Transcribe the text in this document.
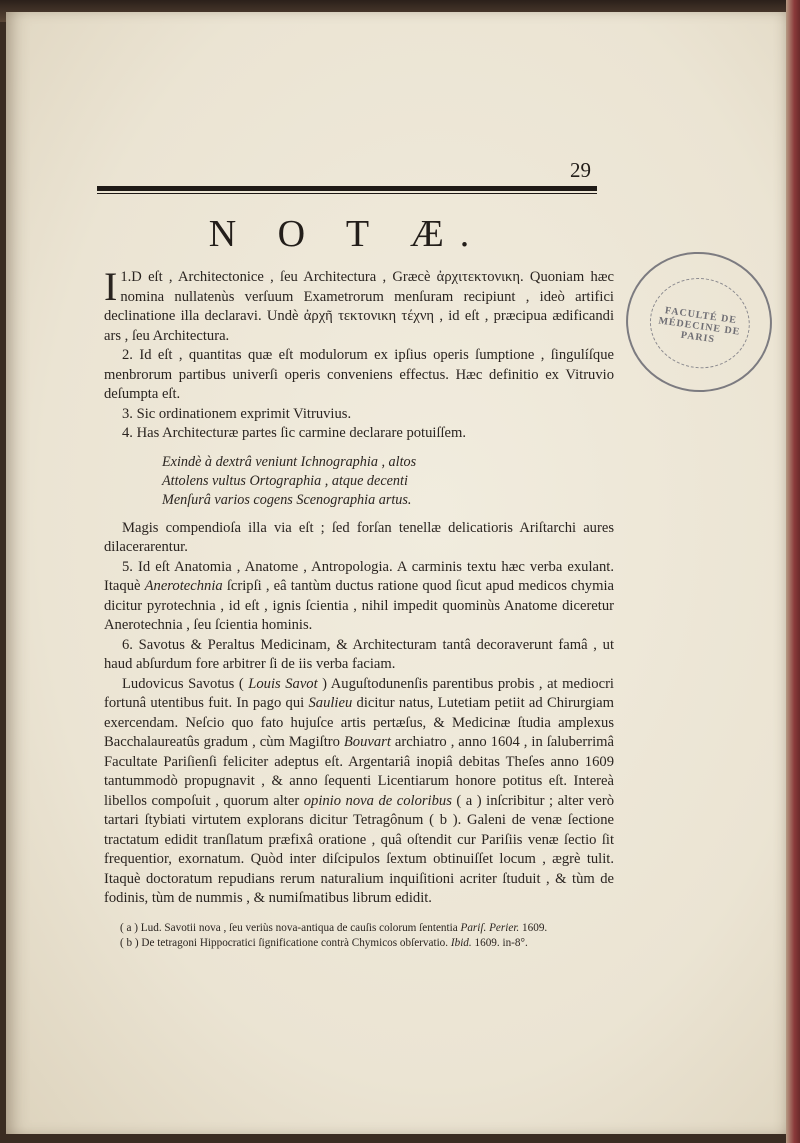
29
N O T Æ.
FACULTÉ DE MÉDECINE DE PARIS

1.
I D eſt , Architectonice , ſeu Architectura , Græcè ἀρχιτεκτονικη. Quoniam hæc nomina nullatenùs verſuum Exametrorum menſuram recipiunt , ideò artifici declinatione illa declaravi. Undè ἀρχῆ τεκτονικη τέχνη , id eſt , præcipua ædificandi ars , ſeu Architectura.

2. Id eſt , quantitas quæ eſt modulorum ex ipſius operis ſumptione , ſingulíſque menbrorum partibus univerſi operis conveniens effectus. Hæc definitio ex Vitruvio deſumpta eſt.

3. Sic ordinationem exprimit Vitruvius.

4. Has Architecturæ partes ſic carmine declarare potuiſſem.

Exindè à dextrâ veniunt Ichnographia , altos
Attolens vultus Ortographia , atque decenti
Menſurâ varios cogens Scenographia artus.

Magis compendioſa illa via eſt ; ſed forſan tenellæ delicatioris Ariſtarchi aures dilacerarentur.

5. Id eſt Anatomia , Anatome , Antropologia. A carminis textu hæc verba exulant. Itaquè Anerotechnia ſcripſi , eâ tantùm ductus ratione quod ſicut apud medicos chymia dicitur pyrotechnia , id eſt , ignis ſcientia , nihil impedit quominùs Anatome diceretur Anerotechnia , ſeu ſcientia hominis.

6. Savotus & Peraltus Medicinam, & Architecturam tantâ decoraverunt famâ , ut haud abſurdum fore arbitrer ſi de iis verba faciam.

Ludovicus Savotus ( Louis Savot ) Auguſtodunenſis parentibus probis , at mediocri fortunâ utentibus fuit. In pago qui Saulieu dicitur natus, Lutetiam petiit ad Chirurgiam exercendam. Neſcio quo fato hujuſce artis pertæſus, & Medicinæ ſtudia amplexus Bacchalaureatûs gradum , cùm Magiſtro Bouvart archiatro , anno 1604 , in ſaluberrimâ Facultate Pariſienſi feliciter adeptus eſt. Argentariâ inopiâ debitas Theſes anno 1609 tantummodò propugnavit , & anno ſequenti Licentiarum honore potitus eſt. Intereà libellos compoſuit , quorum alter opinio nova de coloribus ( a ) inſcribitur ; alter verò tartari ſtybiati virtutem explorans dicitur Tetragônum ( b ). Galeni de venæ ſectione tractatum edidit tranſlatum præfixâ oratione , quâ oſtendit cur Pariſiis venæ ſectio ſit frequentior, exornatum. Quòd inter diſcipulos ſextum obtinuiſſet locum , ægrè tulit. Itaquè doctoratum repudians rerum naturalium inquiſitioni acriter ſtuduit , & tùm de fodinis, tùm de nummis , & numiſmatibus librum edidit.

( a ) Lud. Savotii nova , ſeu veriùs nova-antiqua de cauſis colorum ſententia Pariſ. Perier. 1609.

( b ) De tetragoni Hippocratici ſignificatione contrà Chymicos obſervatio. Ibid. 1609. in-8°.
